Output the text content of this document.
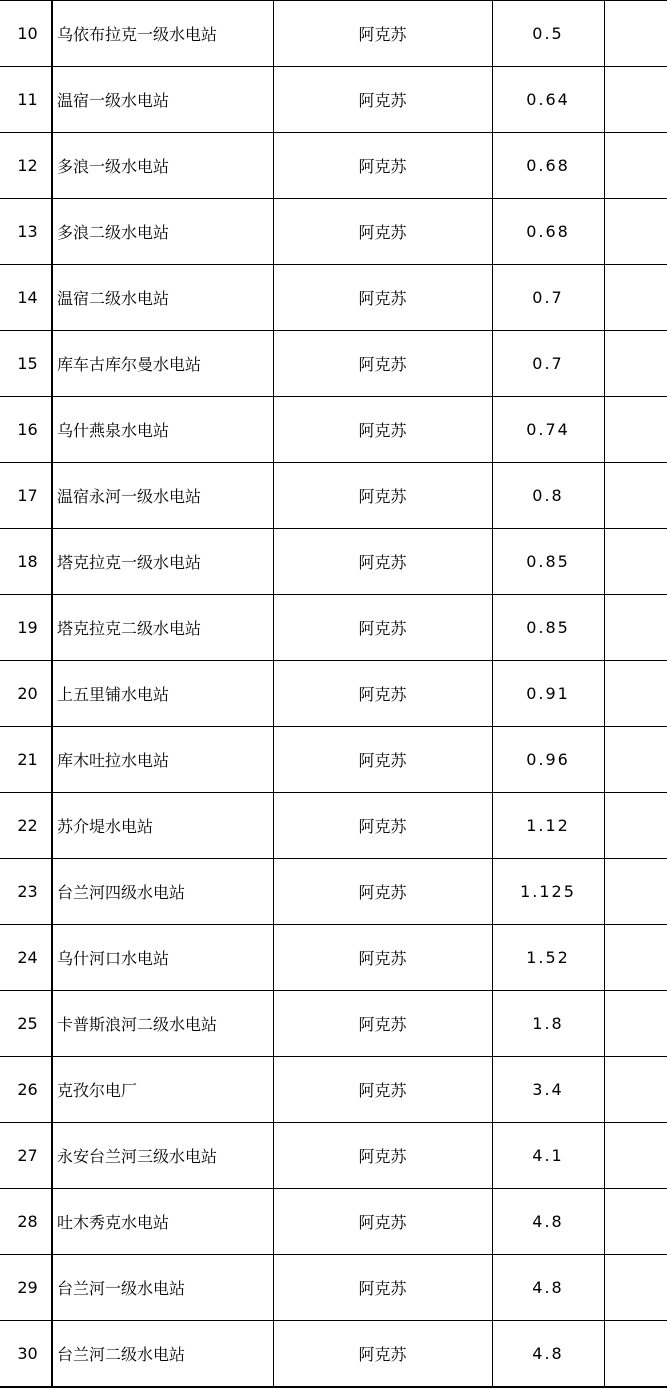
10	乌依布拉克一级水电站	阿克苏	0.5	
11	温宿一级水电站	阿克苏	0.64	
12	多浪一级水电站	阿克苏	0.68	
13	多浪二级水电站	阿克苏	0.68	
14	温宿二级水电站	阿克苏	0.7	
15	库车古库尔曼水电站	阿克苏	0.7	
16	乌什燕泉水电站	阿克苏	0.74	
17	温宿永河一级水电站	阿克苏	0.8	
18	塔克拉克一级水电站	阿克苏	0.85	
19	塔克拉克二级水电站	阿克苏	0.85	
20	上五里铺水电站	阿克苏	0.91	
21	库木吐拉水电站	阿克苏	0.96	
22	苏介堤水电站	阿克苏	1.12	
23	台兰河四级水电站	阿克苏	1.125	
24	乌什河口水电站	阿克苏	1.52	
25	卡普斯浪河二级水电站	阿克苏	1.8	
26	克孜尔电厂	阿克苏	3.4	
27	永安台兰河三级水电站	阿克苏	4.1	
28	吐木秀克水电站	阿克苏	4.8	
29	台兰河一级水电站	阿克苏	4.8	
30	台兰河二级水电站	阿克苏	4.8	
